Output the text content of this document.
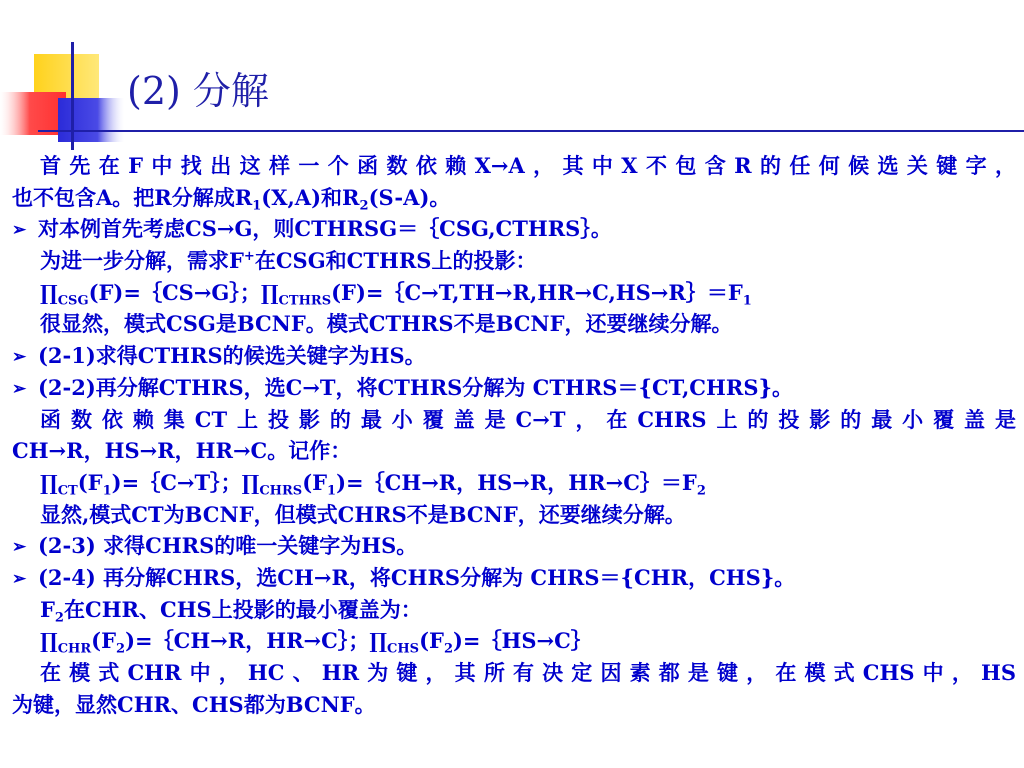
(2) 分解
首先在F中找出这样一个函数依赖X→A，其中X不包含R的任何候选关键字，
也不包含A。把R分解成$R_1(X,A)$和$R_2(S-A)$。
➢ 对本例首先考虑CS→G，则CTHRSG＝｛CSG,CTHRS｝。
为进一步分解，需求F+在CSG和CTHRS上的投影：
$\prod_{CSG}(F)=\{CS\to G\}$；$\prod_{CTHRS}(F)=\{C\to T,TH\to R,HR\to C,HS\to R\}=F_1$
很显然，模式CSG是BCNF。模式CTHRS不是BCNF，还要继续分解。
➢ (2-1)求得CTHRS的候选关键字为HS。
➢ (2-2)再分解CTHRS，选C→T，将CTHRS分解为 CTHRS＝{CT,CHRS}。
函数依赖集CT上投影的最小覆盖是C→T，在CHRS上的投影的最小覆盖是
CH→R，HS→R，HR→C。记作：
$\prod_{CT}(F_1)=\{C\to T\}$；$\prod_{CHRS}(F_1)=\{CH\to R$，HS→R，$HR\to C\}=F_2$
显然,模式CT为BCNF，但模式CHRS不是BCNF，还要继续分解。
➢ (2-3) 求得CHRS的唯一关键字为HS。
➢ (2-4) 再分解CHRS，选CH→R，将CHRS分解为 CHRS＝{CHR，CHS}。
$F_2$在CHR、CHS上投影的最小覆盖为：
$\prod_{CHR}(F_2)=\{CH\to R$，HR→C｝；$\prod_{CHS}(F_2)=\{HS\to C\}$
在模式CHR中，HC、HR为键，其所有决定因素都是键，在模式CHS中，HS
为键，显然CHR、CHS都为BCNF。
